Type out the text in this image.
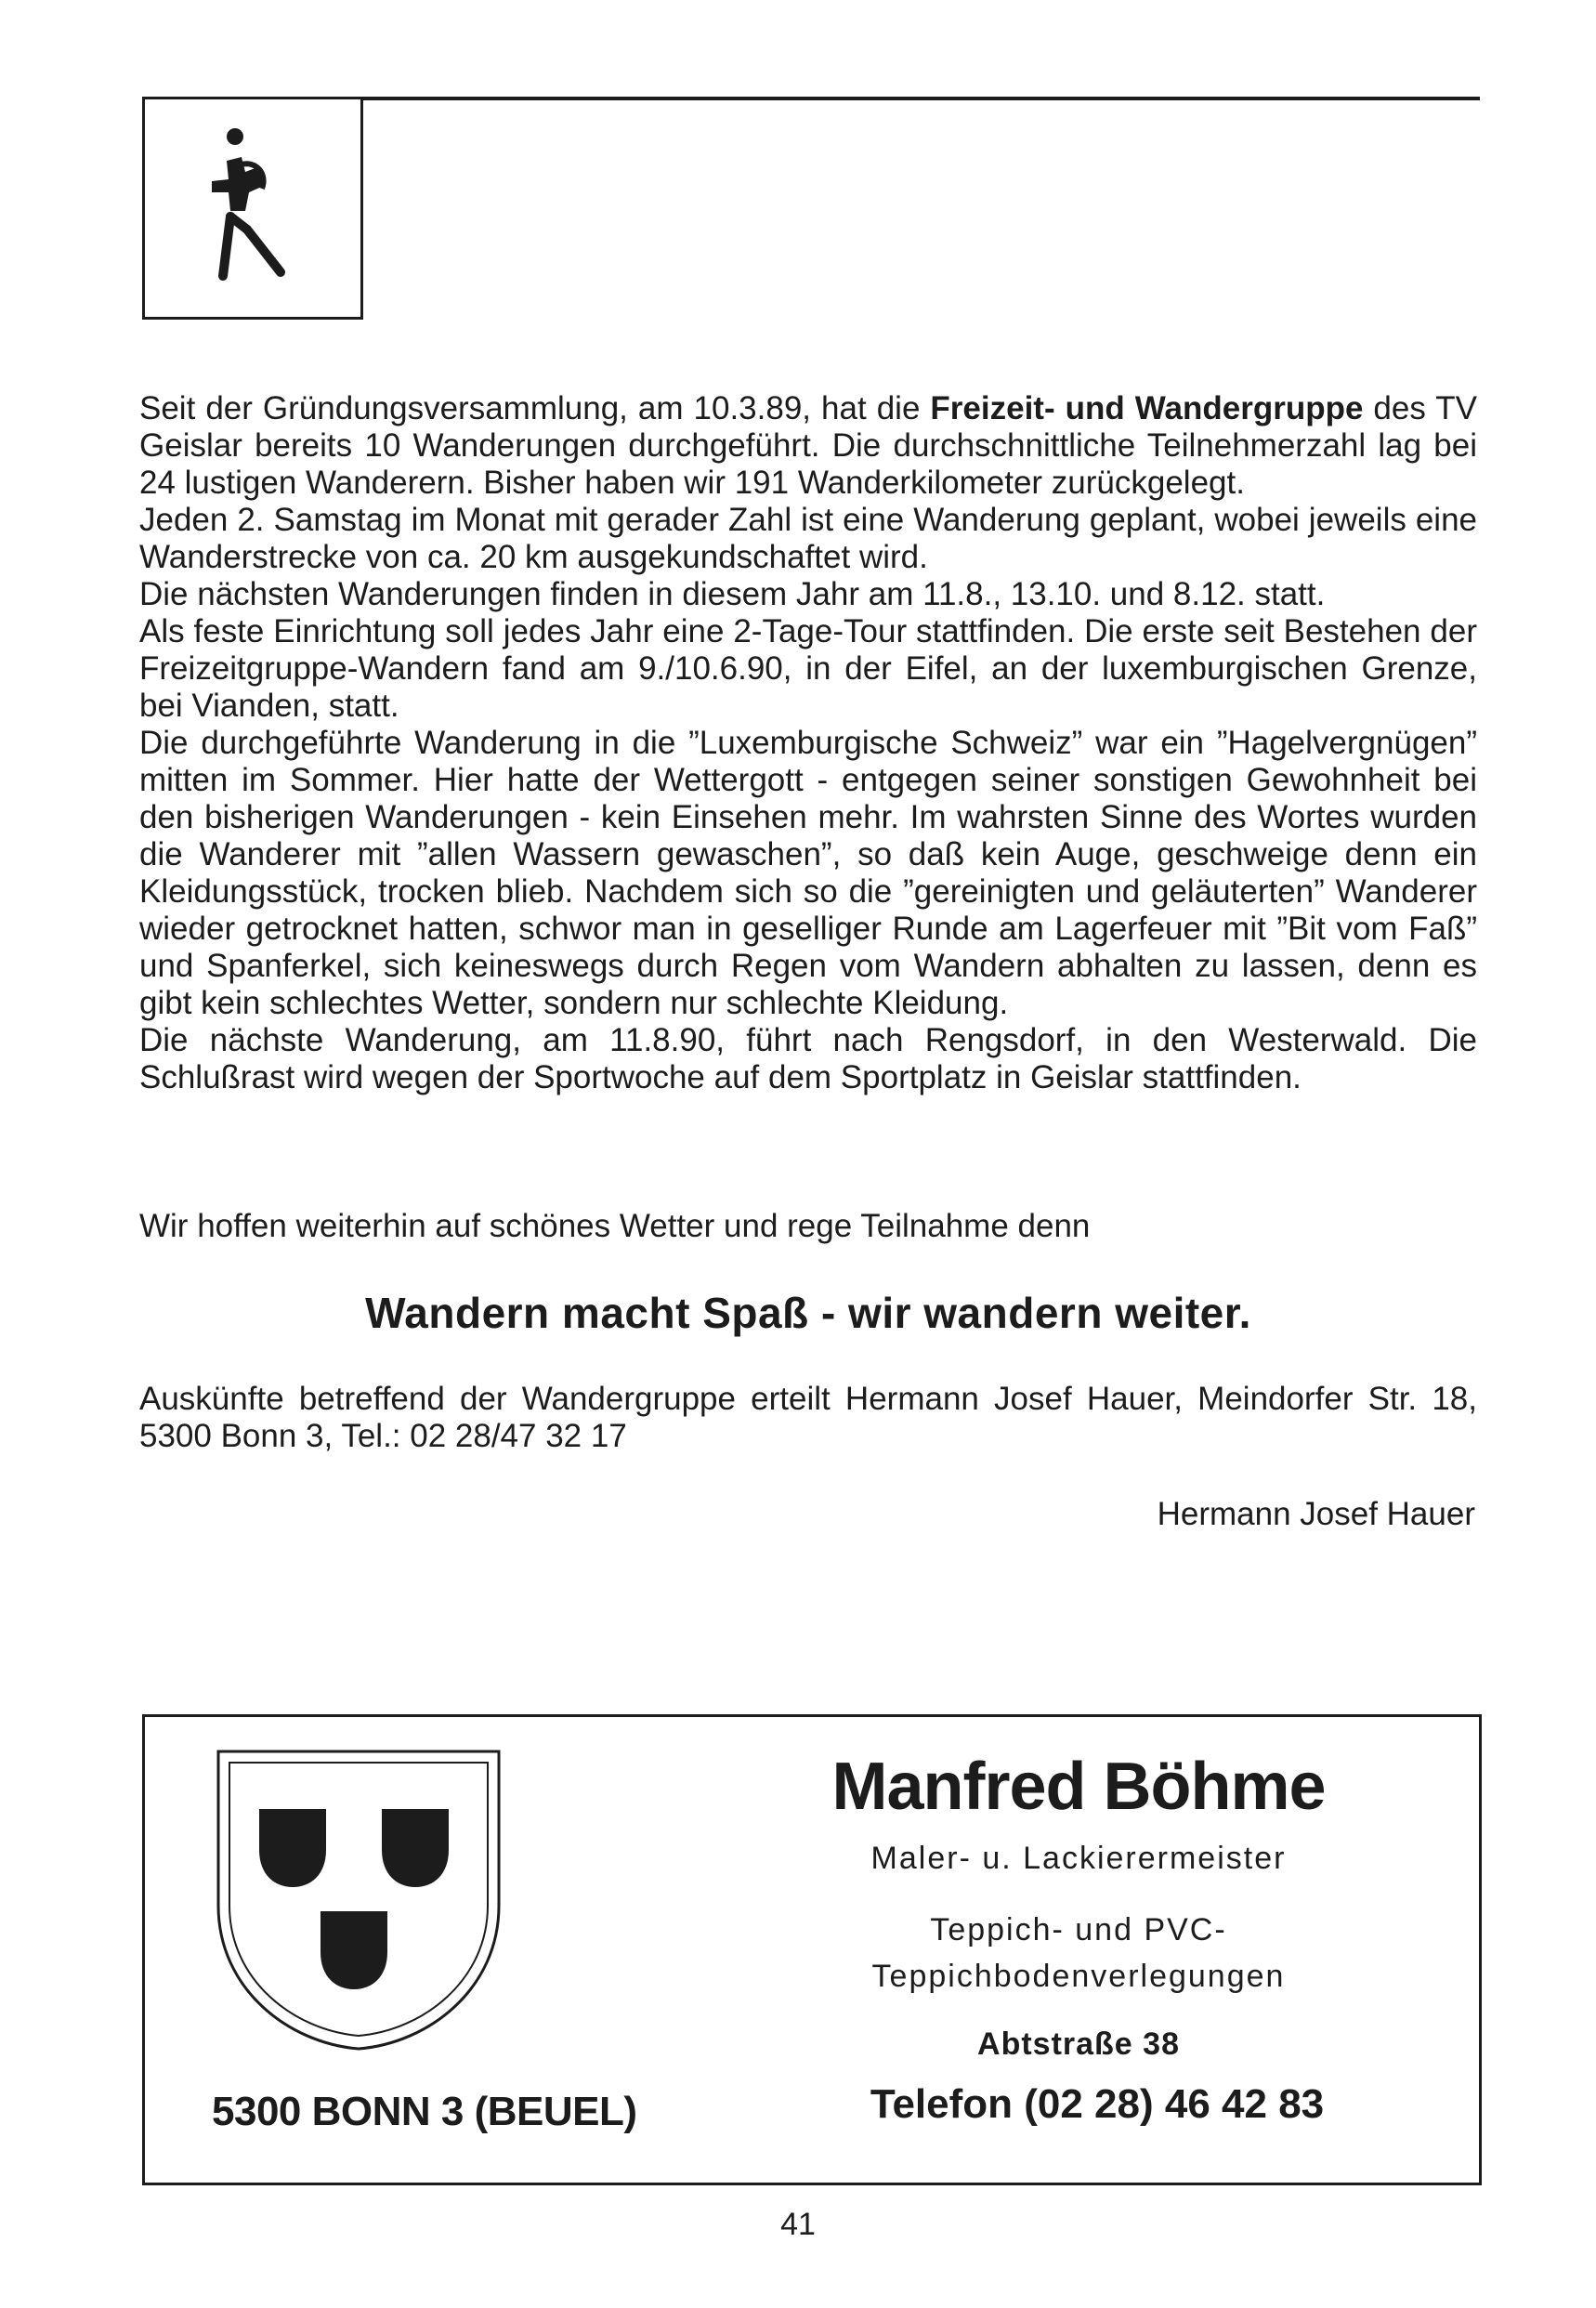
Seit der Gründungsversammlung, am 10.3.89, hat die Freizeit- und Wandergruppe des TV Geislar bereits 10 Wanderungen durchgeführt. Die durchschnittliche Teilnehmerzahl lag bei 24 lustigen Wanderern. Bisher haben wir 191 Wanderkilometer zurückgelegt.

Jeden 2. Samstag im Monat mit gerader Zahl ist eine Wanderung geplant, wobei jeweils eine Wanderstrecke von ca. 20 km ausgekundschaftet wird.

Die nächsten Wanderungen finden in diesem Jahr am 11.8., 13.10. und 8.12. statt.

Als feste Einrichtung soll jedes Jahr eine 2-Tage-Tour stattfinden. Die erste seit Bestehen der Freizeitgruppe-Wandern fand am 9./10.6.90, in der Eifel, an der luxemburgischen Grenze, bei Vianden, statt.

Die durchgeführte Wanderung in die ”Luxemburgische Schweiz” war ein ”Hagelvergnügen” mitten im Sommer. Hier hatte der Wettergott - entgegen seiner sonstigen Gewohnheit bei den bisherigen Wanderungen - kein Einsehen mehr. Im wahrsten Sinne des Wortes wurden die Wanderer mit ”allen Wassern gewaschen”, so daß kein Auge, geschweige denn ein Kleidungsstück, trocken blieb. Nachdem sich so die ”gereinigten und geläuterten” Wanderer wieder getrocknet hatten, schwor man in geselliger Runde am Lagerfeuer mit ”Bit vom Faß” und Spanferkel, sich keineswegs durch Regen vom Wandern abhalten zu lassen, denn es gibt kein schlechtes Wetter, sondern nur schlechte Kleidung.

Die nächste Wanderung, am 11.8.90, führt nach Rengsdorf, in den Westerwald. Die Schlußrast wird wegen der Sportwoche auf dem Sportplatz in Geislar stattfinden.

Wir hoffen weiterhin auf schönes Wetter und rege Teilnahme denn
Wandern macht Spaß - wir wandern weiter.
Auskünfte betreffend der Wandergruppe erteilt Hermann Josef Hauer, Meindorfer Str. 18, 5300 Bonn 3, Tel.: 02 28/47 32 17
Hermann Josef Hauer
5300 BONN 3 (BEUEL)
Manfred Böhme
Maler- u. Lackierermeister
Teppich- und PVC-
Teppichbodenverlegungen
Abtstraße 38
Telefon (02 28) 46 42 83
41
